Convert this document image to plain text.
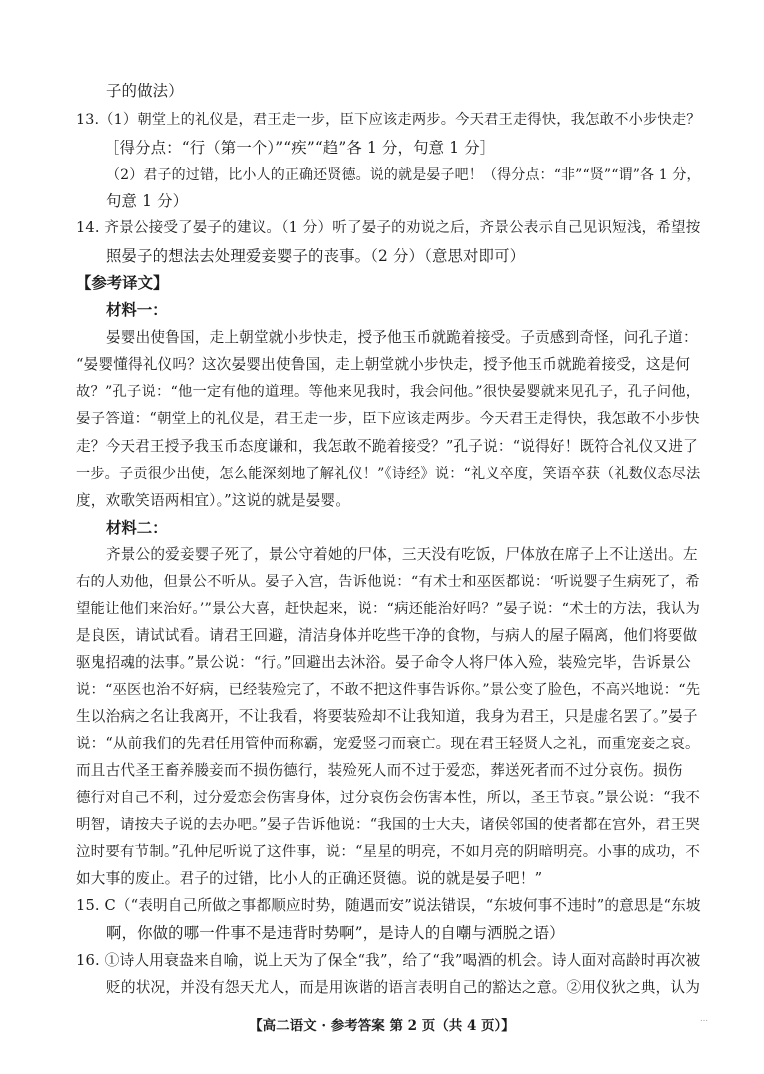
子的做法）
13.（1）朝堂上的礼仪是，君王走一步，臣下应该走两步。今天君王走得快，我怎敢不小步快走？
［得分点：“行（第一个）”“疾”“趋”各 1 分，句意 1 分］
（2）君子的过错，比小人的正确还贤德。说的就是晏子吧！（得分点：“非”“贤”“谓”各 1 分，
句意 1 分）
14. 齐景公接受了晏子的建议。（1 分）听了晏子的劝说之后，齐景公表示自己见识短浅，希望按
照晏子的想法去处理爱妾婴子的丧事。（2 分）（意思对即可）
【参考译文】
材料一：
晏婴出使鲁国，走上朝堂就小步快走，授予他玉币就跪着接受。子贡感到奇怪，问孔子道：
“晏婴懂得礼仪吗？这次晏婴出使鲁国，走上朝堂就小步快走，授予他玉币就跪着接受，这是何
故？”孔子说：“他一定有他的道理。等他来见我时，我会问他。”很快晏婴就来见孔子，孔子问他，
晏子答道：“朝堂上的礼仪是，君王走一步，臣下应该走两步。今天君王走得快，我怎敢不小步快
走？今天君王授予我玉币态度谦和，我怎敢不跪着接受？”孔子说：“说得好！既符合礼仪又进了
一步。子贡很少出使，怎么能深刻地了解礼仪！”《诗经》说：“礼义卒度，笑语卒获（礼数仪态尽法
度，欢歌笑语两相宜）。”这说的就是晏婴。
材料二：
齐景公的爱妾婴子死了，景公守着她的尸体，三天没有吃饭，尸体放在席子上不让送出。左
右的人劝他，但景公不听从。晏子入宫，告诉他说：“有术士和巫医都说：‘听说婴子生病死了，希
望能让他们来治好。’”景公大喜，赶快起来，说：“病还能治好吗？”晏子说：“术士的方法，我认为
是良医，请试试看。请君王回避，清洁身体并吃些干净的食物，与病人的屋子隔离，他们将要做
驱鬼招魂的法事。”景公说：“行。”回避出去沐浴。晏子命令人将尸体入殓，装殓完毕，告诉景公
说：“巫医也治不好病，已经装殓完了，不敢不把这件事告诉你。”景公变了脸色，不高兴地说：“先
生以治病之名让我离开，不让我看，将要装殓却不让我知道，我身为君王，只是虚名罢了。”晏子
说：“从前我们的先君任用管仲而称霸，宠爱竖刁而衰亡。现在君王轻贤人之礼，而重宠妾之哀。
而且古代圣王畜养媵妾而不损伤德行，装殓死人而不过于爱恋，葬送死者而不过分哀伤。损伤
德行对自己不利，过分爱恋会伤害身体，过分哀伤会伤害本性，所以，圣王节哀。”景公说：“我不
明智，请按夫子说的去办吧。”晏子告诉他说：“我国的士大夫，诸侯邻国的使者都在宫外，君王哭
泣时要有节制。”孔仲尼听说了这件事，说：“星星的明亮，不如月亮的阴暗明亮。小事的成功，不
如大事的废止。君子的过错，比小人的正确还贤德。说的就是晏子吧！”
15. C（“表明自己所做之事都顺应时势，随遇而安”说法错误，“东坡何事不违时”的意思是“东坡
啊，你做的哪一件事不是违背时势啊”，是诗人的自嘲与洒脱之语）
16. ①诗人用衰盎来自喻，说上天为了保全“我”，给了“我”喝酒的机会。诗人面对高龄时再次被
贬的状况，并没有怨天尤人，而是用诙谐的语言表明自己的豁达之意。②用仪狄之典，认为
【高二语文 · 参考答案 第 2 页（共 4 页）】	…
